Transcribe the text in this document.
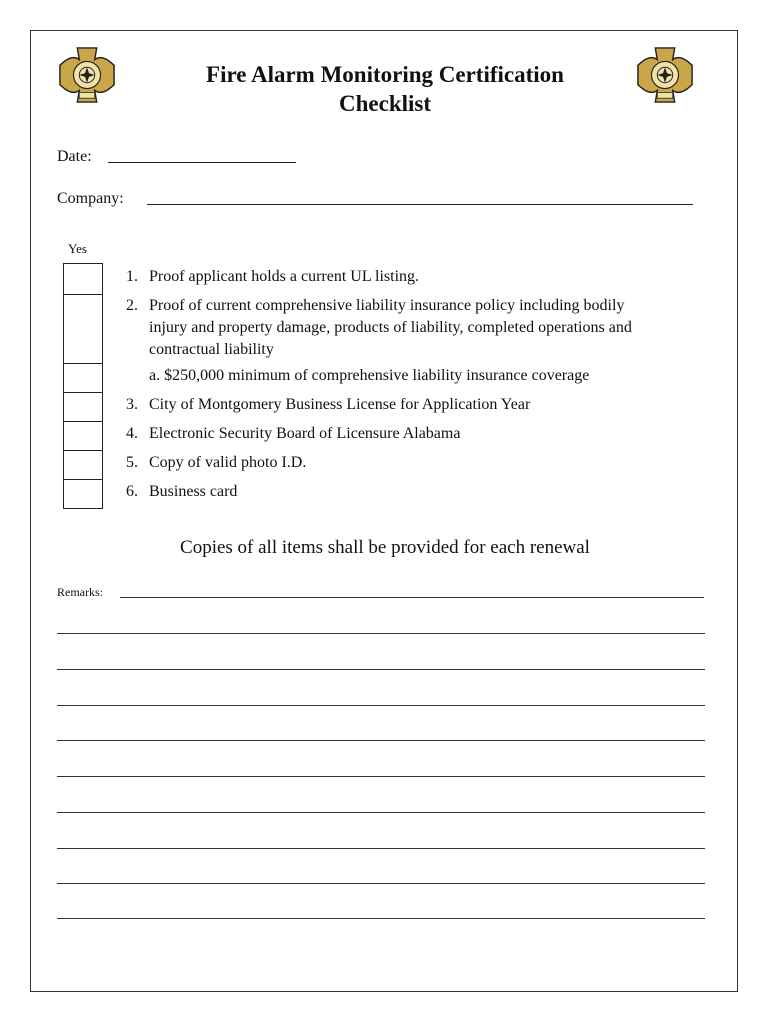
Fire Alarm Monitoring Certification
Checklist
Date:
Company:
Yes
1. Proof applicant holds a current UL listing.
2. Proof of current comprehensive liability insurance policy including bodily
injury and property damage, products of liability, completed operations and
contractual liability
a. $250,000 minimum of comprehensive liability insurance coverage
3. City of Montgomery Business License for Application Year
4. Electronic Security Board of Licensure Alabama
5. Copy of valid photo I.D.
6. Business card
Copies of all items shall be provided for each renewal
Remarks:
